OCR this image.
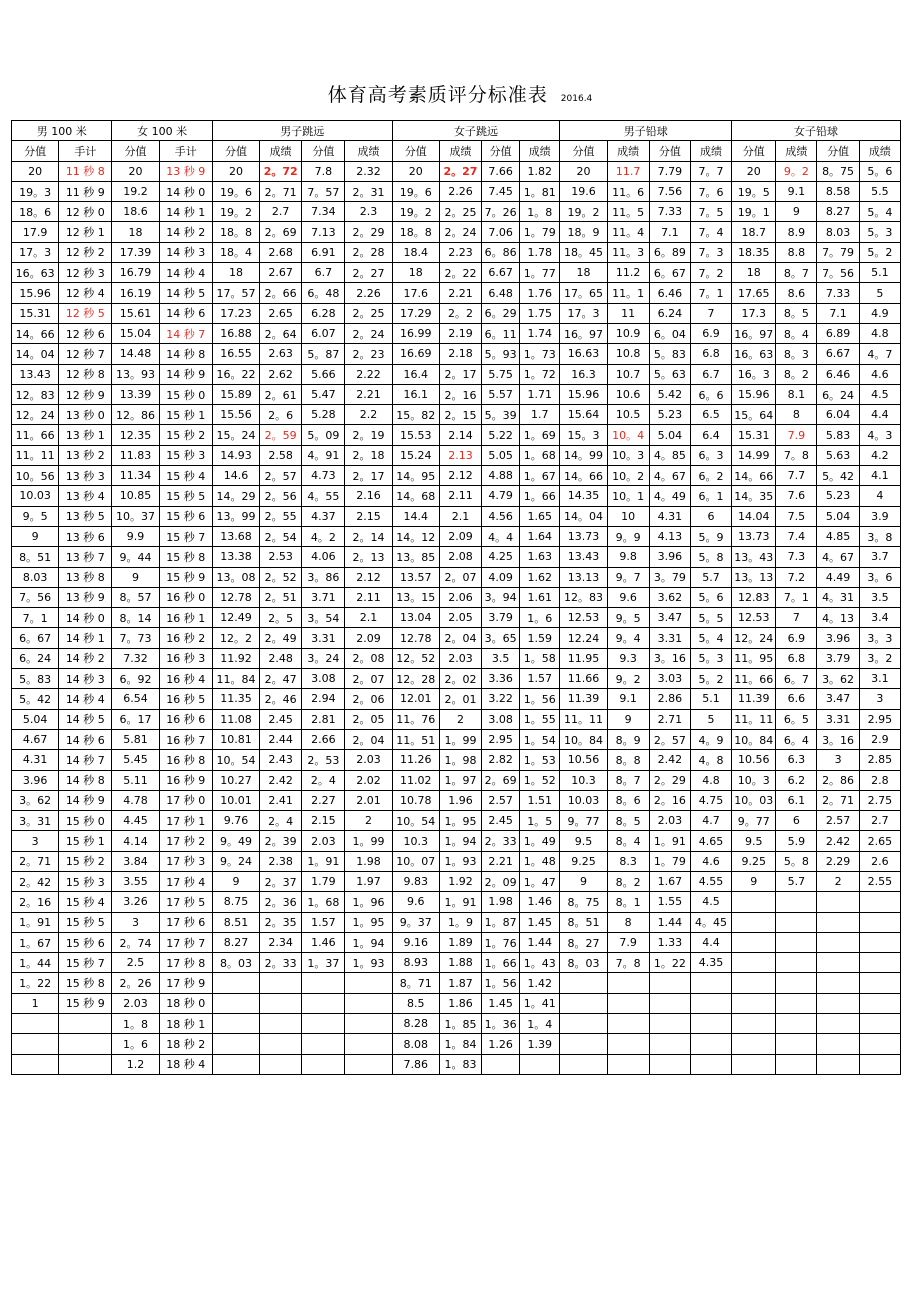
体育高考素质评分标准表 2016.4
男 100 米		女 100 米		男子跳远				女子跳远				男子铅球				女子铅球			
分值	手计	分值	手计	分值	成绩	分值	成绩	分值	成绩	分值	成绩	分值	成绩	分值	成绩	分值	成绩	分值	成绩
20	11 秒 8	20	13 秒 9	20	2。72	7.8	2.32	20	2。27	7.66	1.82	20	11.7	7.79	7。7	20	9。2	8。75	5。6
19。3	11 秒 9	19.2	14 秒 0	19。6	2。71	7。57	2。31	19。6	2.26	7.45	1。81	19.6	11。6	7.56	7。6	19。5	9.1	8.58	5.5
18。6	12 秒 0	18.6	14 秒 1	19。2	2.7	7.34	2.3	19。2	2。25	7。26	1。8	19。2	11。5	7.33	7。5	19。1	9	8.27	5。4
17.9	12 秒 1	18	14 秒 2	18。8	2。69	7.13	2。29	18。8	2。24	7.06	1。79	18。9	11。4	7.1	7。4	18.7	8.9	8.03	5。3
17。3	12 秒 2	17.39	14 秒 3	18。4	2.68	6.91	2。28	18.4	2.23	6。86	1.78	18。45	11。3	6。89	7。3	18.35	8.8	7。79	5。2
16。63	12 秒 3	16.79	14 秒 4	18	2.67	6.7	2。27	18	2。22	6.67	1。77	18	11.2	6。67	7。2	18	8。7	7。56	5.1
15.96	12 秒 4	16.19	14 秒 5	17。57	2。66	6。48	2.26	17.6	2.21	6.48	1.76	17。65	11。1	6.46	7。1	17.65	8.6	7.33	5
15.31	12 秒 5	15.61	14 秒 6	17.23	2.65	6.28	2。25	17.29	2。2	6。29	1.75	17。3	11	6.24	7	17.3	8。5	7.1	4.9
14。66	12 秒 6	15.04	14 秒 7	16.88	2。64	6.07	2。24	16.99	2.19	6。11	1.74	16。97	10.9	6。04	6.9	16。97	8。4	6.89	4.8
14。04	12 秒 7	14.48	14 秒 8	16.55	2.63	5。87	2。23	16.69	2.18	5。93	1。73	16.63	10.8	5。83	6.8	16。63	8。3	6.67	4。7
13.43	12 秒 8	13。93	14 秒 9	16。22	2.62	5.66	2.22	16.4	2。17	5.75	1。72	16.3	10.7	5。63	6.7	16。3	8。2	6.46	4.6
12。83	12 秒 9	13.39	15 秒 0	15.89	2。61	5.47	2.21	16.1	2。16	5.57	1.71	15.96	10.6	5.42	6。6	15.96	8.1	6。24	4.5
12。24	13 秒 0	12。86	15 秒 1	15.56	2。6	5.28	2.2	15。82	2。15	5。39	1.7	15.64	10.5	5.23	6.5	15。64	8	6.04	4.4
11。66	13 秒 1	12.35	15 秒 2	15。24	2。59	5。09	2。19	15.53	2.14	5.22	1。69	15。3	10。4	5.04	6.4	15.31	7.9	5.83	4。3
11。11	13 秒 2	11.83	15 秒 3	14.93	2.58	4。91	2。18	15.24	2.13	5.05	1。68	14。99	10。3	4。85	6。3	14.99	7。8	5.63	4.2
10。56	13 秒 3	11.34	15 秒 4	14.6	2。57	4.73	2。17	14。95	2.12	4.88	1。67	14。66	10。2	4。67	6。2	14。66	7.7	5。42	4.1
10.03	13 秒 4	10.85	15 秒 5	14。29	2。56	4。55	2.16	14。68	2.11	4.79	1。66	14.35	10。1	4。49	6。1	14。35	7.6	5.23	4
9。5	13 秒 5	10。37	15 秒 6	13。99	2。55	4.37	2.15	14.4	2.1	4.56	1.65	14。04	10	4.31	6	14.04	7.5	5.04	3.9
9	13 秒 6	9.9	15 秒 7	13.68	2。54	4。2	2。14	14。12	2.09	4。4	1.64	13.73	9。9	4.13	5。9	13.73	7.4	4.85	3。8
8。51	13 秒 7	9。44	15 秒 8	13.38	2.53	4.06	2。13	13。85	2.08	4.25	1.63	13.43	9.8	3.96	5。8	13。43	7.3	4。67	3.7
8.03	13 秒 8	9	15 秒 9	13。08	2。52	3。86	2.12	13.57	2。07	4.09	1.62	13.13	9。7	3。79	5.7	13。13	7.2	4.49	3。6
7。56	13 秒 9	8。57	16 秒 0	12.78	2。51	3.71	2.11	13。15	2.06	3。94	1.61	12。83	9.6	3.62	5。6	12.83	7。1	4。31	3.5
7。1	14 秒 0	8。14	16 秒 1	12.49	2。5	3。54	2.1	13.04	2.05	3.79	1。6	12.53	9。5	3.47	5。5	12.53	7	4。13	3.4
6。67	14 秒 1	7。73	16 秒 2	12。2	2。49	3.31	2.09	12.78	2。04	3。65	1.59	12.24	9。4	3.31	5。4	12。24	6.9	3.96	3。3
6。24	14 秒 2	7.32	16 秒 3	11.92	2.48	3。24	2。08	12。52	2.03	3.5	1。58	11.95	9.3	3。16	5。3	11。95	6.8	3.79	3。2
5。83	14 秒 3	6。92	16 秒 4	11。84	2。47	3.08	2。07	12。28	2。02	3.36	1.57	11.66	9。2	3.03	5。2	11。66	6。7	3。62	3.1
5。42	14 秒 4	6.54	16 秒 5	11.35	2。46	2.94	2。06	12.01	2。01	3.22	1。56	11.39	9.1	2.86	5.1	11.39	6.6	3.47	3
5.04	14 秒 5	6。17	16 秒 6	11.08	2.45	2.81	2。05	11。76	2	3.08	1。55	11。11	9	2.71	5	11。11	6。5	3.31	2.95
4.67	14 秒 6	5.81	16 秒 7	10.81	2.44	2.66	2。04	11。51	1。99	2.95	1。54	10。84	8。9	2。57	4。9	10。84	6。4	3。16	2.9
4.31	14 秒 7	5.45	16 秒 8	10。54	2.43	2。53	2.03	11.26	1。98	2.82	1。53	10.56	8。8	2.42	4。8	10.56	6.3	3	2.85
3.96	14 秒 8	5.11	16 秒 9	10.27	2.42	2。4	2.02	11.02	1。97	2。69	1。52	10.3	8。7	2。29	4.8	10。3	6.2	2。86	2.8
3。62	14 秒 9	4.78	17 秒 0	10.01	2.41	2.27	2.01	10.78	1.96	2.57	1.51	10.03	8。6	2。16	4.75	10。03	6.1	2。71	2.75
3。31	15 秒 0	4.45	17 秒 1	9.76	2。4	2.15	2	10。54	1。95	2.45	1。5	9。77	8。5	2.03	4.7	9。77	6	2.57	2.7
3	15 秒 1	4.14	17 秒 2	9。49	2。39	2.03	1。99	10.3	1。94	2。33	1。49	9.5	8。4	1。91	4.65	9.5	5.9	2.42	2.65
2。71	15 秒 2	3.84	17 秒 3	9。24	2.38	1。91	1.98	10。07	1。93	2.21	1。48	9.25	8.3	1。79	4.6	9.25	5。8	2.29	2.6
2。42	15 秒 3	3.55	17 秒 4	9	2。37	1.79	1.97	9.83	1.92	2。09	1。47	9	8。2	1.67	4.55	9	5.7	2	2.55
2。16	15 秒 4	3.26	17 秒 5	8.75	2。36	1。68	1。96	9.6	1。91	1.98	1.46	8。75	8。1	1.55	4.5				
1。91	15 秒 5	3	17 秒 6	8.51	2。35	1.57	1。95	9。37	1。9	1。87	1.45	8。51	8	1.44	4。45				
1。67	15 秒 6	2。74	17 秒 7	8.27	2.34	1.46	1。94	9.16	1.89	1。76	1.44	8。27	7.9	1.33	4.4				
1。44	15 秒 7	2.5	17 秒 8	8。03	2。33	1。37	1。93	8.93	1.88	1。66	1。43	8。03	7。8	1。22	4.35				
1。22	15 秒 8	2。26	17 秒 9					8。71	1.87	1。56	1.42								
1	15 秒 9	2.03	18 秒 0					8.5	1.86	1.45	1。41								
		1。8	18 秒 1					8.28	1。85	1。36	1。4								
		1。6	18 秒 2					8.08	1。84	1.26	1.39								
		1.2	18 秒 4					7.86	1。83										
